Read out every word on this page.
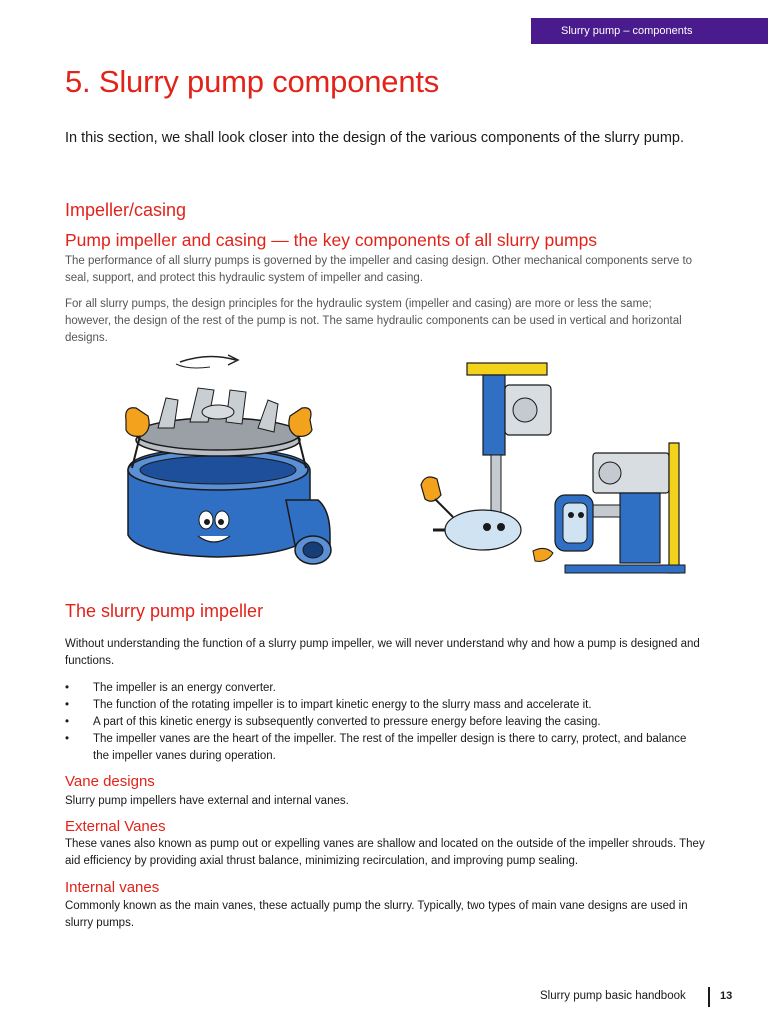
Slurry pump – components
5. Slurry pump components

In this section, we shall look closer into the design of the various components of the slurry pump.

Impeller/casing
Pump impeller and casing — the key components of all slurry pumps

The performance of all slurry pumps is governed by the impeller and casing design. Other mechanical components serve to seal, support, and protect this hydraulic system of impeller and casing.

For all slurry pumps, the design principles for the hydraulic system (impeller and casing) are more or less the same; however, the design of the rest of the pump is not. The same hydraulic components can be used in vertical and horizontal designs.

The slurry pump impeller

Without understanding the function of a slurry pump impeller, we will never understand why and how a pump is designed and functions.

• The impeller is an energy converter.
• The function of the rotating impeller is to impart kinetic energy to the slurry mass and accelerate it.
• A part of this kinetic energy is subsequently converted to pressure energy before leaving the casing.
• The impeller vanes are the heart of the impeller. The rest of the impeller design is there to carry, protect, and balance the impeller vanes during operation.
Vane designs

Slurry pump impellers have external and internal vanes.

External Vanes

These vanes also known as pump out or expelling vanes are shallow and located on the outside of the impeller shrouds. They aid efficiency by providing axial thrust balance, minimizing recirculation, and improving pump sealing.

Internal vanes

Commonly known as the main vanes, these actually pump the slurry. Typically, two types of main vane designs are used in slurry pumps.

Slurry pump basic handbook	13
